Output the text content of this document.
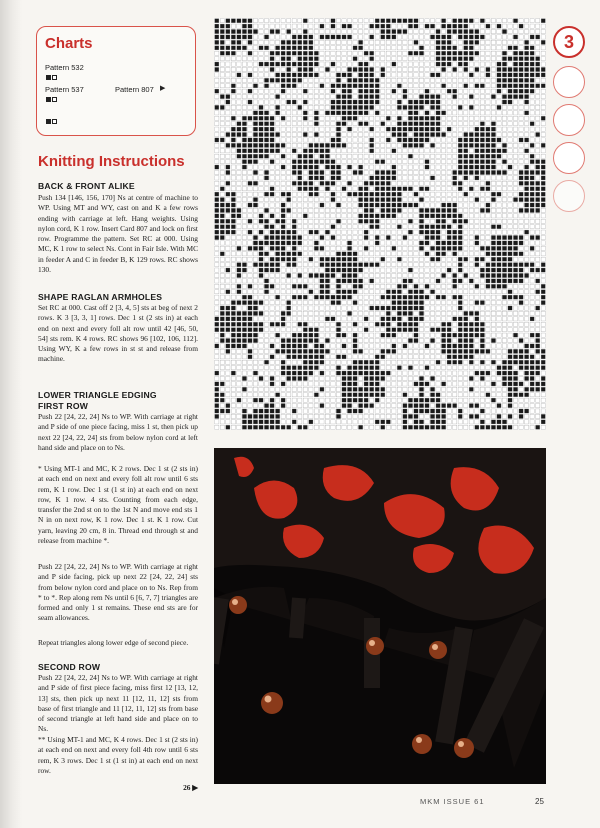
Charts
Pattern 532
Pattern 537	Pattern 807 ▶
Knitting Instructions
BACK & FRONT ALIKE
Push 134 [146, 156, 170] Ns at centre of machine to WP. Using MT and WY, cast on and K a few rows ending with carriage at left. Hang weights. Using nylon cord, K 1 row. Insert Card 807 and lock on first row. Programme the pattern. Set RC at 000. Using MC, K 1 row to select Ns. Cont in Fair Isle. With MC in feeder A and C in feeder B, K 129 rows. RC shows 130.
SHAPE RAGLAN ARMHOLES
Set RC at 000. Cast off 2 [3, 4, 5] sts at beg of next 2 rows. K 3 [3, 3, 1] rows. Dec 1 st (2 sts in) at each end on next and every foll alt row until 42 [46, 50, 54] sts rem. K 4 rows. RC shows 96 [102, 106, 112]. Using WY, K a few rows in st st and release from machine.
LOWER TRIANGLE EDGING
FIRST ROW
Push 22 [24, 22, 24] Ns to WP. With carriage at right and P side of one piece facing, miss 1 st, then pick up next 22 [24, 22, 24] sts from below nylon cord at left hand side and place on to Ns.
* Using MT-1 and MC, K 2 rows. Dec 1 st (2 sts in) at each end on next and every foll alt row until 6 sts rem, K 1 row. Dec 1 st (1 st in) at each end on next row, K 1 row. 4 sts. Counting from each edge, transfer the 2nd st on to the 1st N and move end sts 1 N in on next row, K 1 row. Dec 1 st. K 1 row. Cut yarn, leaving 20 cm, 8 in. Thread end through st and release from machine *.
Push 22 [24, 22, 24] Ns to WP. With carriage at right and P side facing, pick up next 22 [24, 22, 24] sts from below nylon cord and place on to Ns. Rep from * to *. Rep along rem Ns until 6 [6, 7, 7] triangles are formed and only 1 st remains. These end sts are for seam allowances.
Repeat triangles along lower edge of second piece.
SECOND ROW
Push 22 [24, 22, 24] Ns to WP. With carriage at right and P side of first piece facing, miss first 12 [13, 12, 13] sts, then pick up next 11 [12, 11, 12] sts from base of first triangle and 11 [12, 11, 12] sts from base of second triangle at left hand side and place on to Ns.
** Using MT-1 and MC, K 4 rows. Dec 1 st (2 sts in) at each end on next and every foll 4th row until 6 sts rem, K 3 rows. Dec 1 st (1 st in) at each end on next row.
26 ▶
3
MKM ISSUE 61	25
